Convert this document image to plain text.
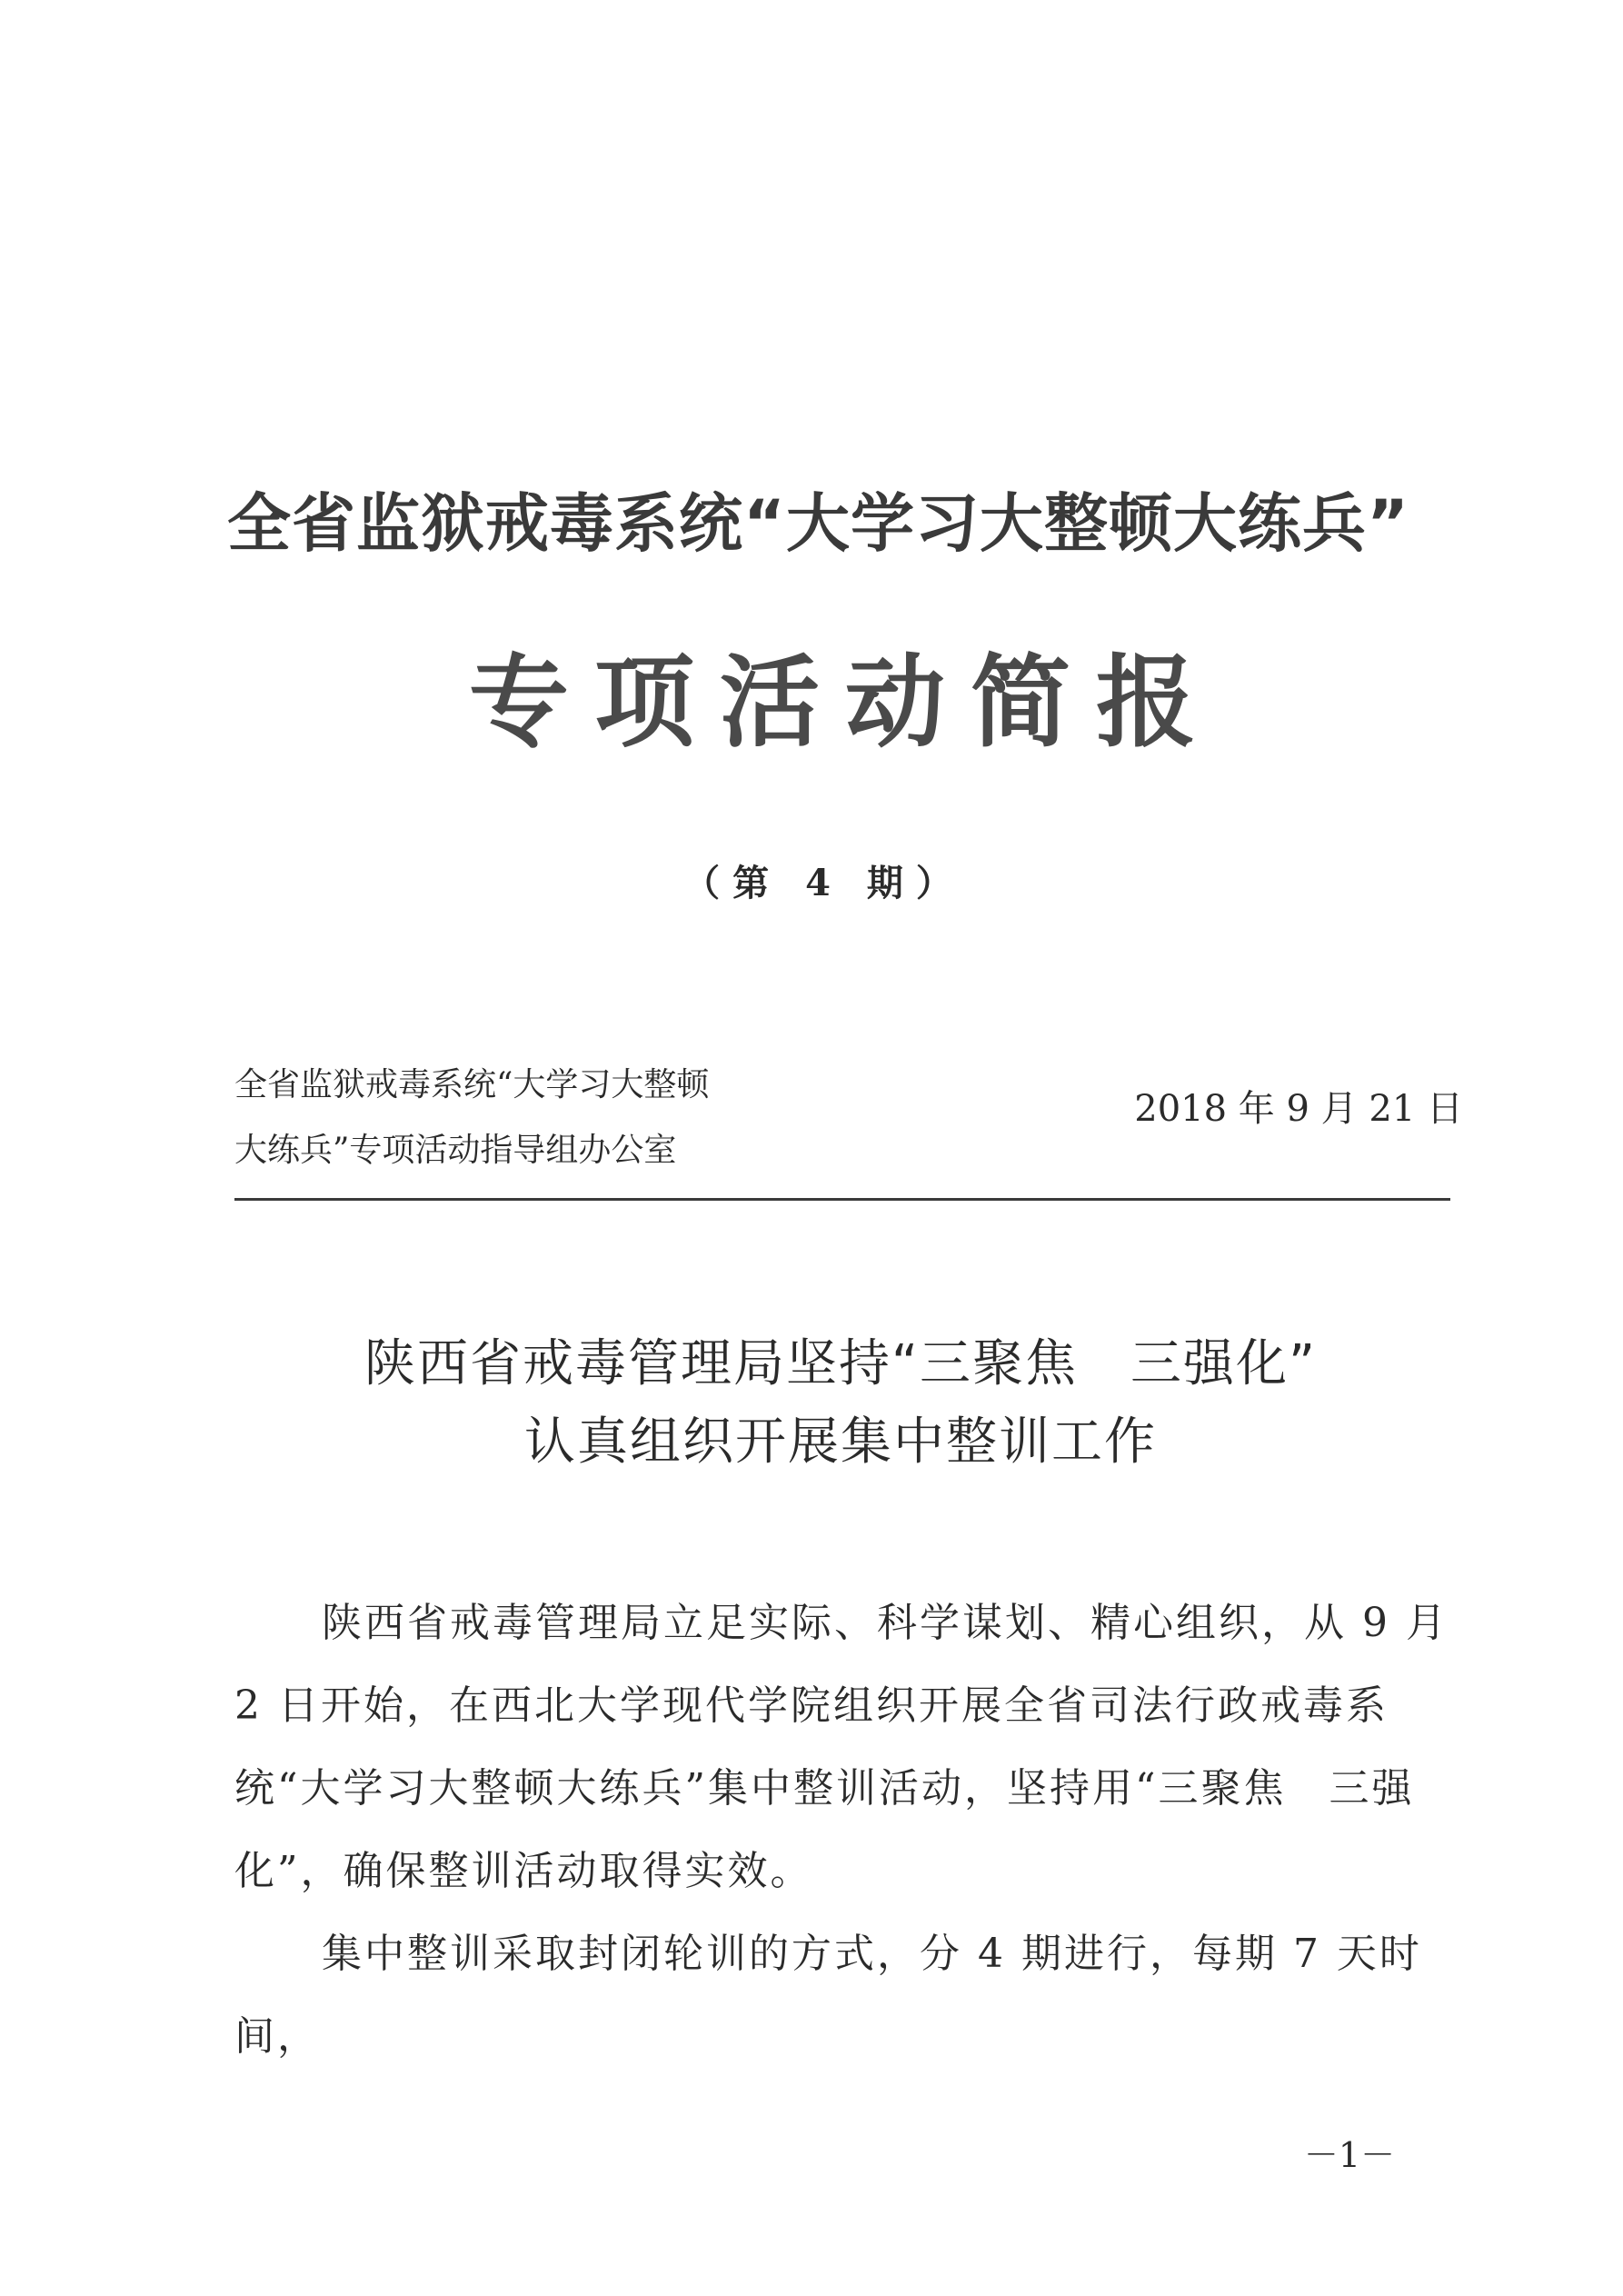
全省监狱戒毒系统“大学习大整顿大练兵”
专项活动简报
（ 第　4　期 ）
全省监狱戒毒系统“大学习大整顿
大练兵”专项活动指导组办公室
2018 年 9 月 21 日
陕西省戒毒管理局坚持“三聚焦　三强化”
认真组织开展集中整训工作

陕西省戒毒管理局立足实际、科学谋划、精心组织，从 9 月 2 日开始，在西北大学现代学院组织开展全省司法行政戒毒系统“大学习大整顿大练兵”集中整训活动，坚持用“三聚焦　三强化”，确保整训活动取得实效。

集中整训采取封闭轮训的方式，分 4 期进行，每期 7 天时间，

－1－
